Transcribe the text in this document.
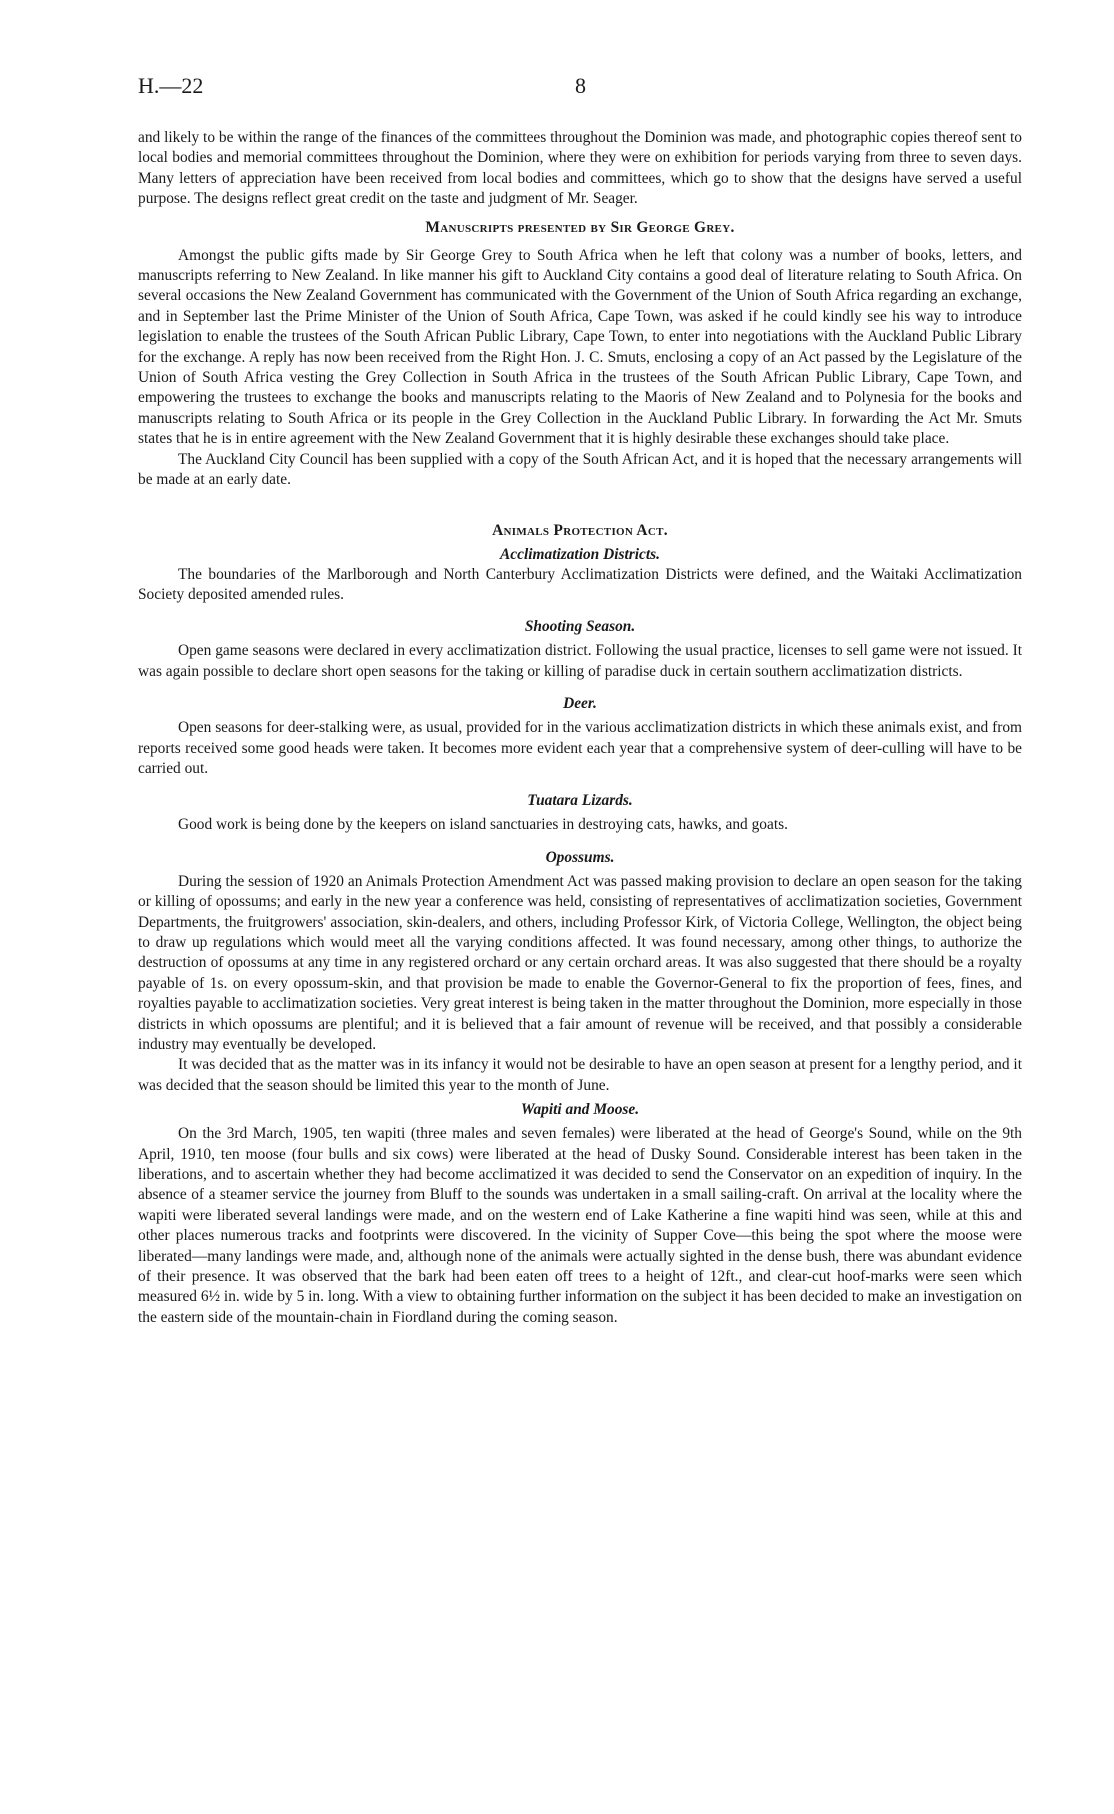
H.—22	8

and likely to be within the range of the finances of the committees throughout the Dominion was made, and photographic copies thereof sent to local bodies and memorial committees throughout the Dominion, where they were on exhibition for periods varying from three to seven days. Many letters of appreciation have been received from local bodies and committees, which go to show that the designs have served a useful purpose. The designs reflect great credit on the taste and judgment of Mr. Seager.

Manuscripts presented by Sir George Grey.

Amongst the public gifts made by Sir George Grey to South Africa when he left that colony was a number of books, letters, and manuscripts referring to New Zealand. In like manner his gift to Auckland City contains a good deal of literature relating to South Africa. On several occasions the New Zealand Government has communicated with the Government of the Union of South Africa regarding an exchange, and in September last the Prime Minister of the Union of South Africa, Cape Town, was asked if he could kindly see his way to introduce legislation to enable the trustees of the South African Public Library, Cape Town, to enter into negotiations with the Auckland Public Library for the exchange. A reply has now been received from the Right Hon. J. C. Smuts, enclosing a copy of an Act passed by the Legislature of the Union of South Africa vesting the Grey Collection in South Africa in the trustees of the South African Public Library, Cape Town, and empowering the trustees to exchange the books and manuscripts relating to the Maoris of New Zealand and to Polynesia for the books and manuscripts relating to South Africa or its people in the Grey Collection in the Auckland Public Library. In forwarding the Act Mr. Smuts states that he is in entire agreement with the New Zealand Government that it is highly desirable these exchanges should take place.

The Auckland City Council has been supplied with a copy of the South African Act, and it is hoped that the necessary arrangements will be made at an early date.

Animals Protection Act.
Acclimatization Districts.

The boundaries of the Marlborough and North Canterbury Acclimatization Districts were defined, and the Waitaki Acclimatization Society deposited amended rules.

Shooting Season.

Open game seasons were declared in every acclimatization district. Following the usual practice, licenses to sell game were not issued. It was again possible to declare short open seasons for the taking or killing of paradise duck in certain southern acclimatization districts.

Deer.

Open seasons for deer-stalking were, as usual, provided for in the various acclimatization districts in which these animals exist, and from reports received some good heads were taken. It becomes more evident each year that a comprehensive system of deer-culling will have to be carried out.

Tuatara Lizards.

Good work is being done by the keepers on island sanctuaries in destroying cats, hawks, and goats.

Opossums.

During the session of 1920 an Animals Protection Amendment Act was passed making provision to declare an open season for the taking or killing of opossums; and early in the new year a conference was held, consisting of representatives of acclimatization societies, Government Departments, the fruitgrowers' association, skin-dealers, and others, including Professor Kirk, of Victoria College, Wellington, the object being to draw up regulations which would meet all the varying conditions affected. It was found necessary, among other things, to authorize the destruction of opossums at any time in any registered orchard or any certain orchard areas. It was also suggested that there should be a royalty payable of 1s. on every opossum-skin, and that provision be made to enable the Governor-General to fix the proportion of fees, fines, and royalties payable to acclimatization societies. Very great interest is being taken in the matter throughout the Dominion, more especially in those districts in which opossums are plentiful; and it is believed that a fair amount of revenue will be received, and that possibly a considerable industry may eventually be developed.

It was decided that as the matter was in its infancy it would not be desirable to have an open season at present for a lengthy period, and it was decided that the season should be limited this year to the month of June.

Wapiti and Moose.

On the 3rd March, 1905, ten wapiti (three males and seven females) were liberated at the head of George's Sound, while on the 9th April, 1910, ten moose (four bulls and six cows) were liberated at the head of Dusky Sound. Considerable interest has been taken in the liberations, and to ascertain whether they had become acclimatized it was decided to send the Conservator on an expedition of inquiry. In the absence of a steamer service the journey from Bluff to the sounds was undertaken in a small sailing-craft. On arrival at the locality where the wapiti were liberated several landings were made, and on the western end of Lake Katherine a fine wapiti hind was seen, while at this and other places numerous tracks and footprints were discovered. In the vicinity of Supper Cove—this being the spot where the moose were liberated—many landings were made, and, although none of the animals were actually sighted in the dense bush, there was abundant evidence of their presence. It was observed that the bark had been eaten off trees to a height of 12ft., and clear-cut hoof-marks were seen which measured 6½ in. wide by 5 in. long. With a view to obtaining further information on the subject it has been decided to make an investigation on the eastern side of the mountain-chain in Fiordland during the coming season.
